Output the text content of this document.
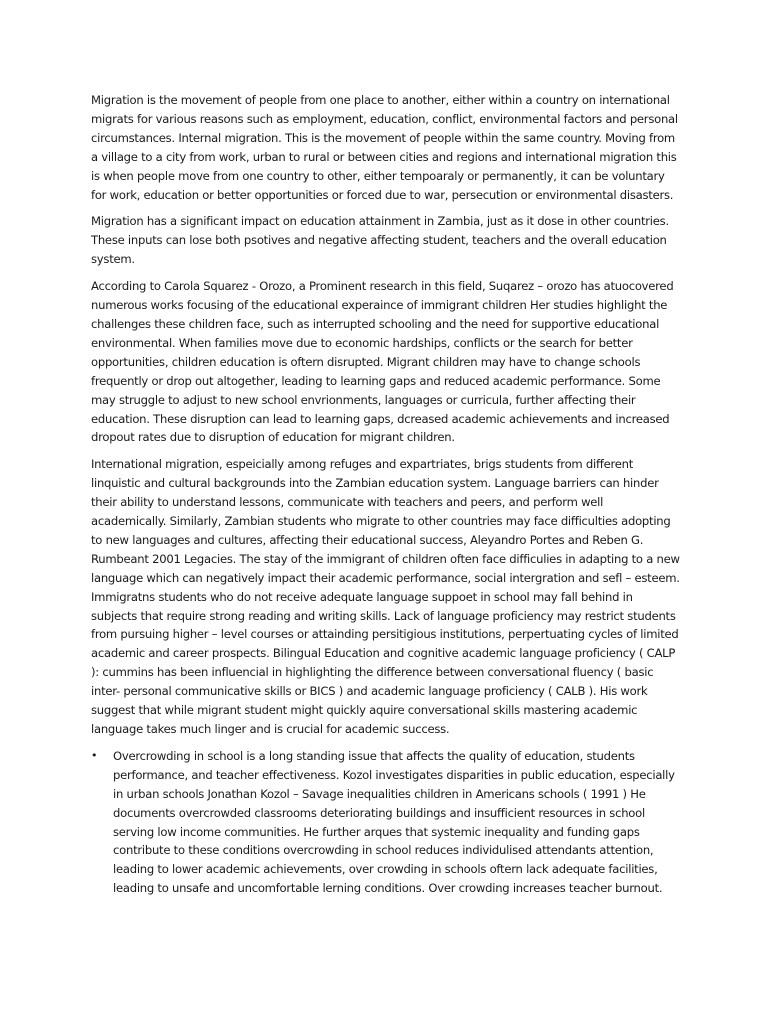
Migration is the movement of people from one place to another, either within a country on international migrats for various reasons such as employment, education, conflict, environmental factors and personal circumstances. Internal migration. This is the movement of people within the same country. Moving from a village to a city from work, urban to rural or between cities and regions and international migration this is when people move from one country to other, either tempoaraly or permanently, it can be voluntary for work, education or better opportunities or forced due to war, persecution or environmental disasters.

Migration has a significant impact on education attainment in Zambia, just as it dose in other countries. These inputs can lose both psotives and negative affecting student, teachers and the overall education system.

According to Carola Squarez - Orozo, a Prominent research in this field, Suqarez – orozo has atuocovered numerous works focusing of the educational experaince of immigrant children Her studies highlight the challenges these children face, such as interrupted schooling and the need for supportive educational environmental. When families move due to economic hardships, conflicts or the search for better opportunities, children education is oftern disrupted. Migrant children may have to change schools frequently or drop out altogether, leading to learning gaps and reduced academic performance. Some may struggle to adjust to new school envrionments, languages or curricula, further affecting their education. These disruption can lead to learning gaps, dcreased academic achievements and increased dropout rates due to disruption of education for migrant children.

International migration, espeicially among refuges and expartriates, brigs students from different linquistic and cultural backgrounds into the Zambian education system. Language barriers can hinder their ability to understand lessons, communicate with teachers and peers, and perform well academically. Similarly, Zambian students who migrate to other countries may face difficulties adopting to new languages and cultures, affecting their educational success, Aleyandro Portes and Reben G. Rumbeant 2001 Legacies. The stay of the immigrant of children often face difficulies in adapting to a new language which can negatively impact their academic performance, social intergration and sefl – esteem. Immigratns students who do not receive adequate language suppoet in school may fall behind in subjects that require strong reading and writing skills. Lack of language proficiency may restrict students from pursuing higher – level courses or attainding persitigious institutions, perpertuating cycles of limited academic and career prospects. Bilingual Education and cognitive academic language proficiency ( CALP ): cummins has been influencial in highlighting the difference between conversational fluency ( basic inter- personal communicative skills or BICS ) and academic language proficiency ( CALB ). His work suggest that while migrant student might quickly aquire conversational skills mastering academic language takes much linger and is crucial for academic success.

• Overcrowding in school is a long standing issue that affects the quality of education, students performance, and teacher effectiveness. Kozol investigates disparities in public education, especially in urban schools Jonathan Kozol – Savage inequalities children in Americans schools ( 1991 ) He documents overcrowded classrooms deteriorating buildings and insufficient resources in school serving low income communities. He further arques that systemic inequality and funding gaps contribute to these conditions overcrowding in school reduces individulised attendants attention, leading to lower academic achievements, over crowding in schools oftern lack adequate facilities, leading to unsafe and uncomfortable lerning conditions. Over crowding increases teacher burnout.
